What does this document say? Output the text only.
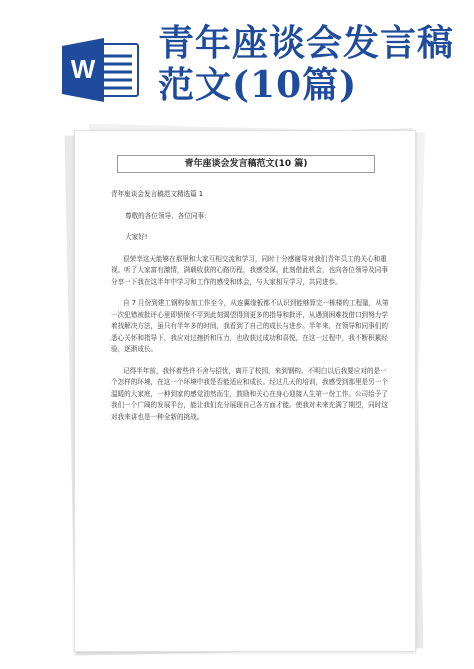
W
青年座谈会发言稿范文(10篇)
青年座谈会发言稿范文(10 篇)

青年座谈会发言稿范文精选篇 1

尊敬的各位领导、各位同事:

大家好!

很荣幸这天能够在那里和大家互相交流和学习，同时十分感谢导对我们青年员工的关心和重视。听了大家富有激情，满载收获的心路历程，我感受深。此刻借此机会，也向各位领导及同事分享一下我在这半年中学习和工作的感受和体会，与大家相互学习，共同进步。

自 7 月份到建工钢构参加工作至今，从连翼缘板都不认识到能够算完一栋楼的工程量，从第一次犯错被批评心里即愤愤不平到此刻渴望得到更多的指导和批评，从遇到困难找借口到努力学着找解决方法，虽只有半年多的时间，我看到了自己的成长与进步。半年来，在领导和同事们的悉心关怀和指导下，我应对过挫折和压力，也收获过成功和喜悦，在这一过程中，我不断积累经验，逐渐成长。

记得半年前，我怀着些许不舍与招忧，离开了校园，来到钢构。不明白以后我要应对的是一个怎样的环境，在这一个环境中我是否能适应和成长。经过几天的培训，我感受到那里是另一个温暖的大家庭，一种到家的感觉油然而生，鼓励和关心在身心迎接人生第一份工作。公司给予了我们一个广阔的发展平台，能让我们充分展现自己各方面才能。使我对未来充满了期望，同时这对我来讲也是一种全新的挑战。
